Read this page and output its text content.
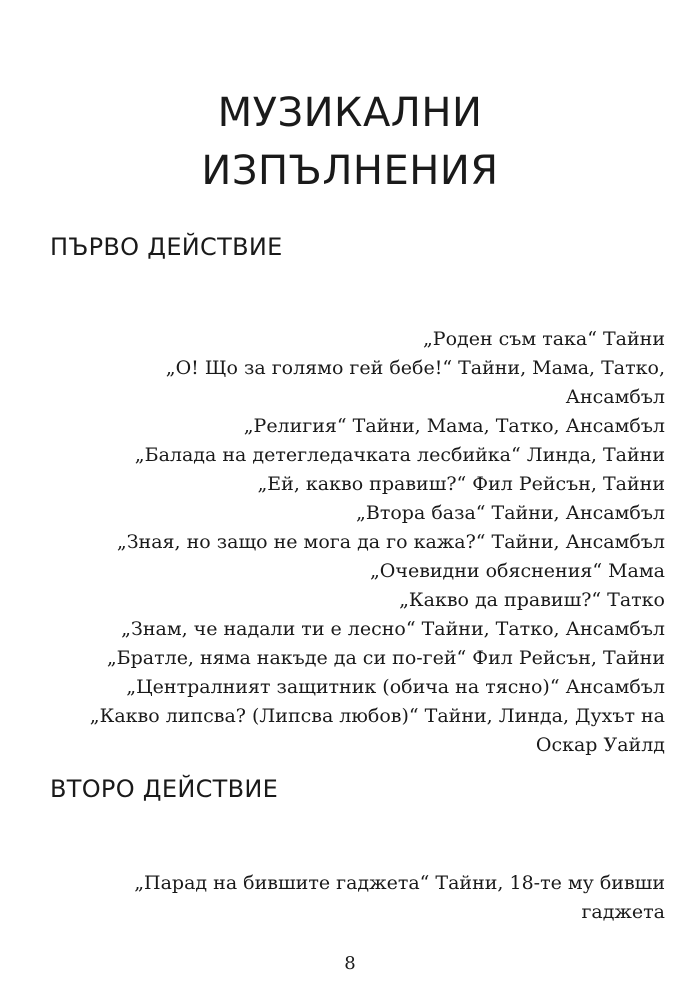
МУЗИКАЛНИ
ИЗПЪЛНЕНИЯ
ПЪРВО ДЕЙСТВИЕ
„Роден съм така“ Тайни
„О! Що за голямо гей бебе!“ Тайни, Мама, Татко,
Ансамбъл
„Религия“ Тайни, Мама, Татко, Ансамбъл
„Балада на детегледачката лесбийка“ Линда, Тайни
„Ей, какво правиш?“ Фил Рейсън, Тайни
„Втора база“ Тайни, Ансамбъл
„Зная, но защо не мога да го кажа?“ Тайни, Ансамбъл
„Очевидни обяснения“ Мама
„Какво да правиш?“ Татко
„Знам, че надали ти е лесно“ Тайни, Татко, Ансамбъл
„Братле, няма накъде да си по-гей“ Фил Рейсън, Тайни
„Централният защитник (обича на тясно)“ Ансамбъл
„Какво липсва? (Липсва любов)“ Тайни, Линда, Духът на
Оскар Уайлд
ВТОРО ДЕЙСТВИЕ
„Парад на бившите гаджета“ Тайни, 18-те му бивши
гаджета
8
